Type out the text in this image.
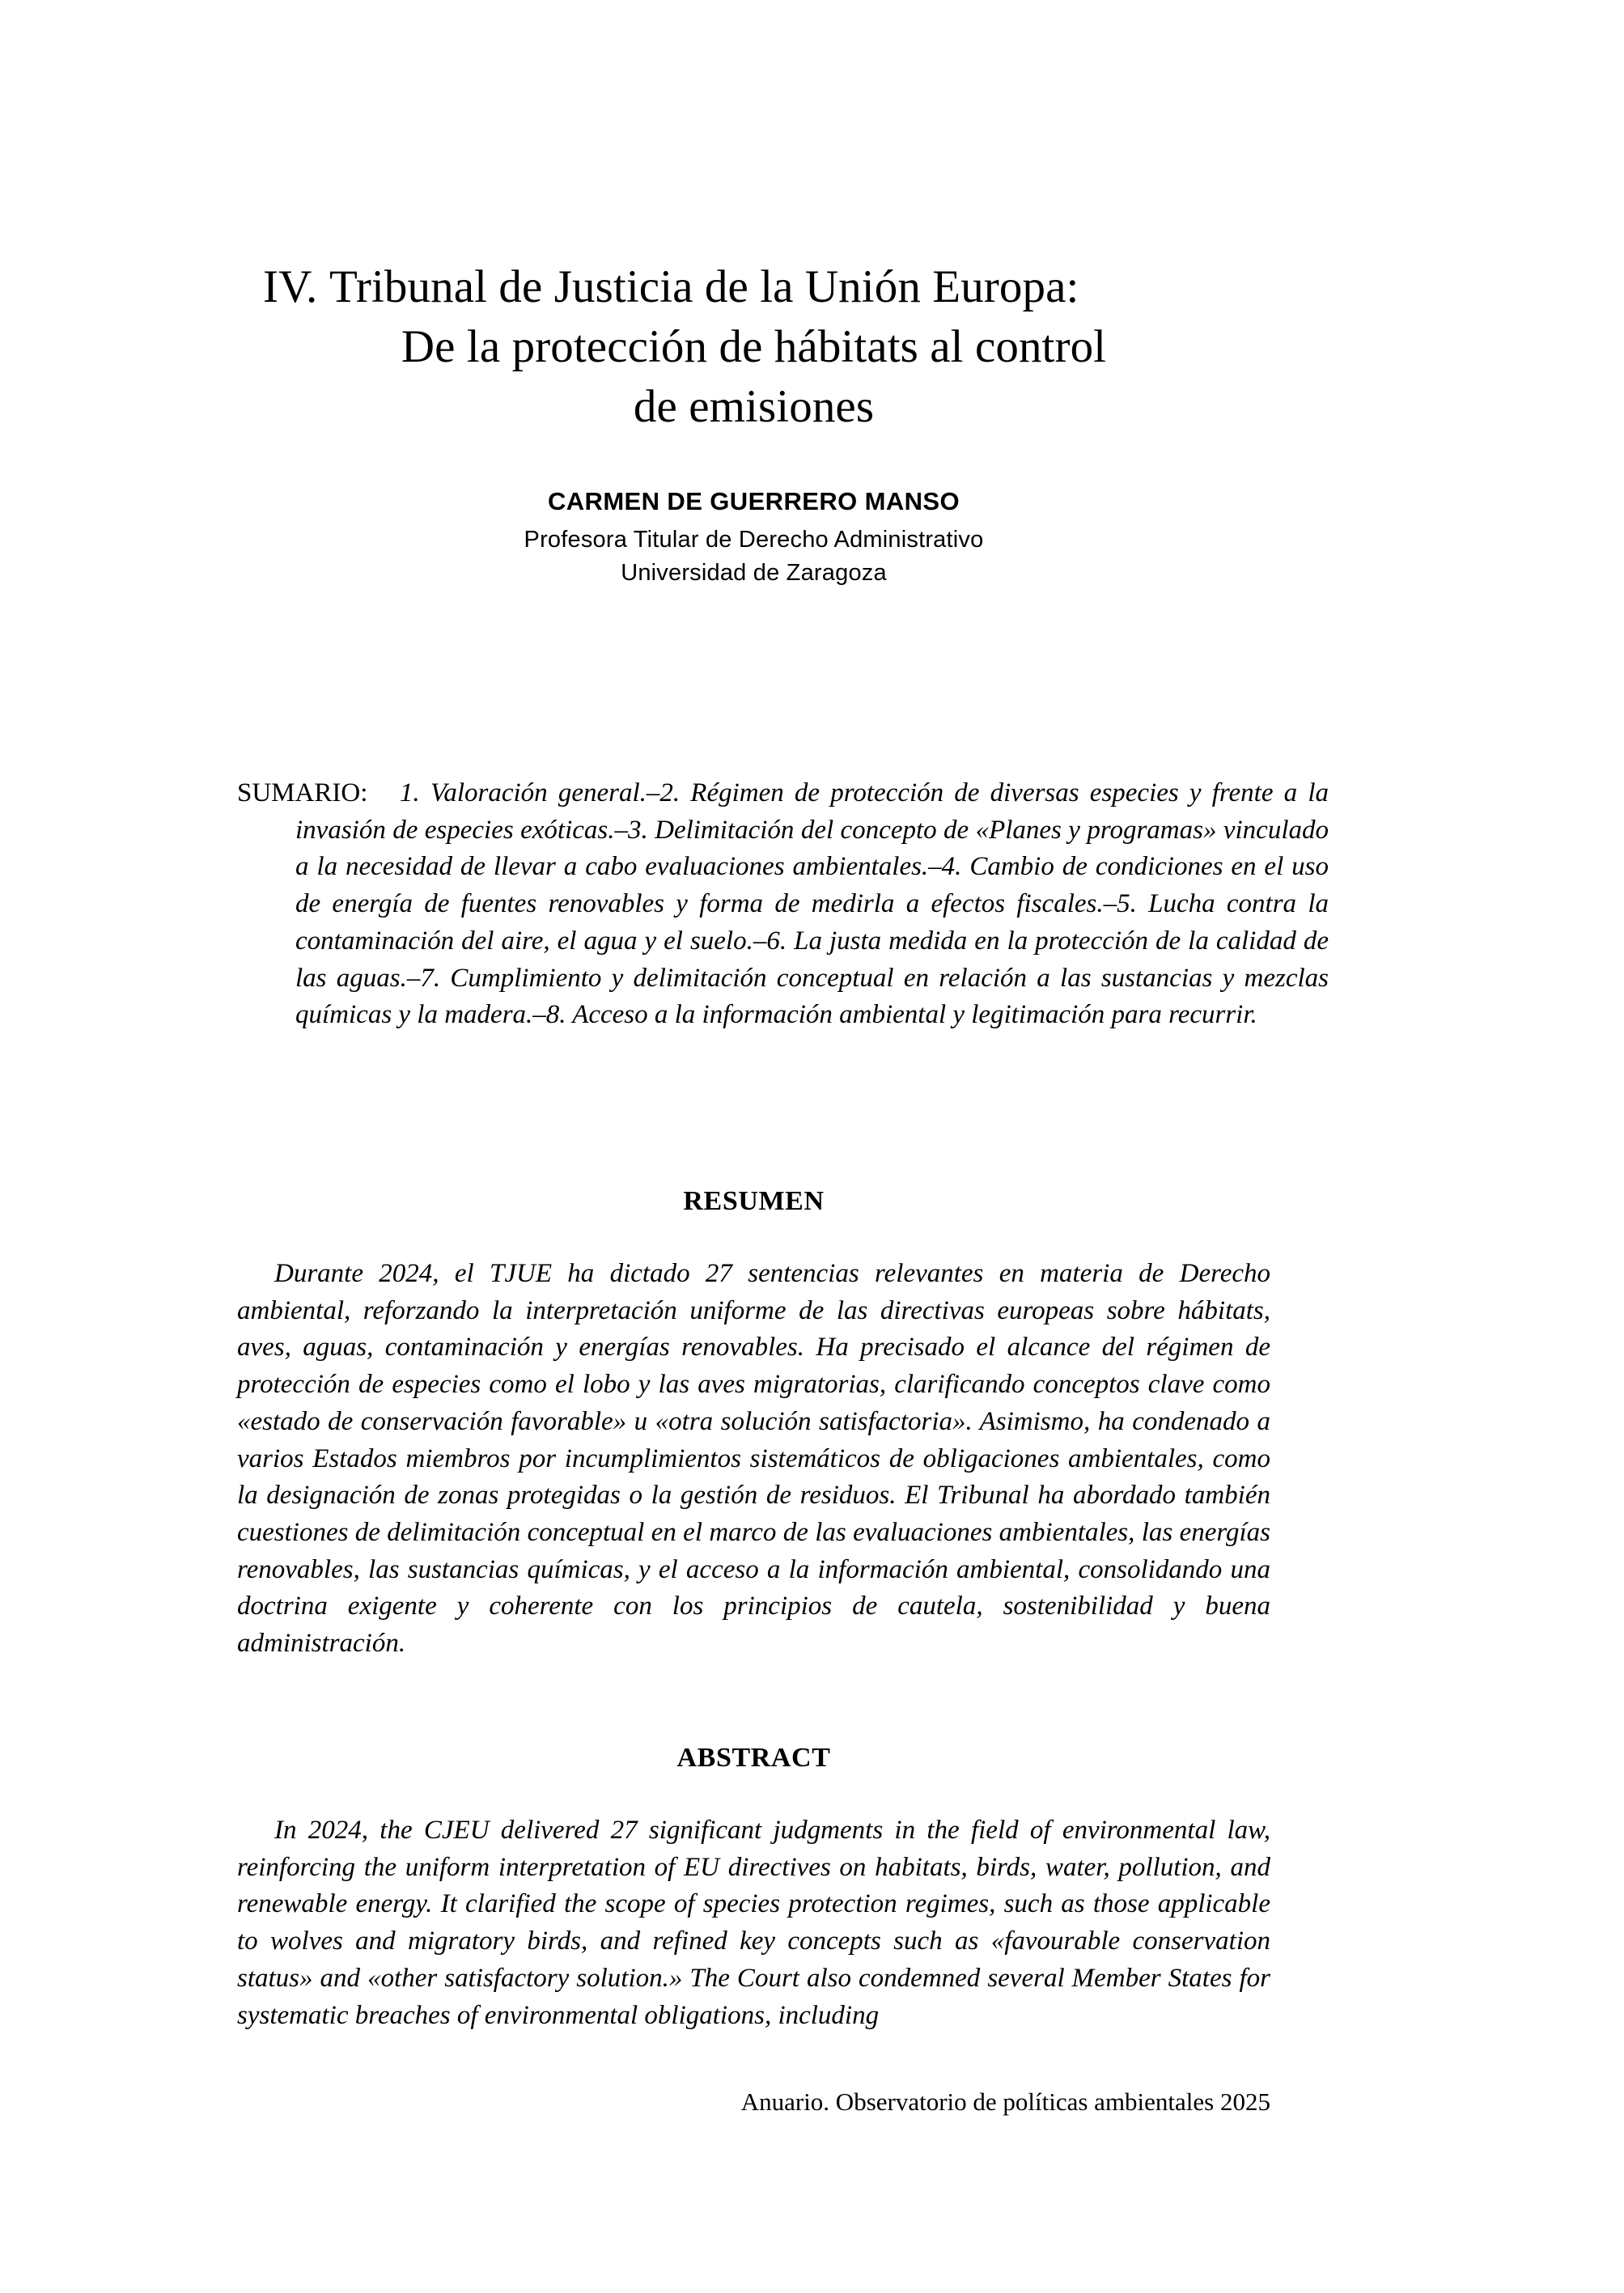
IV. Tribunal de Justicia de la Unión Europa:
De la protección de hábitats al control
de emisiones
CARMEN DE GUERRERO MANSO
Profesora Titular de Derecho Administrativo
Universidad de Zaragoza
SUMARIO: 1. Valoración general.–2. Régimen de protección de diversas especies y frente a la invasión de especies exóticas.–3. Delimitación del concepto de «Planes y programas» vinculado a la necesidad de llevar a cabo evaluaciones ambientales.–4. Cambio de condiciones en el uso de energía de fuentes renovables y forma de medirla a efectos fiscales.–5. Lucha contra la contaminación del aire, el agua y el suelo.–6. La justa medida en la protección de la calidad de las aguas.–7. Cumplimiento y delimitación conceptual en relación a las sustancias y mezclas químicas y la madera.–8. Acceso a la información ambiental y legitimación para recurrir.
RESUMEN
Durante 2024, el TJUE ha dictado 27 sentencias relevantes en materia de Derecho ambiental, reforzando la interpretación uniforme de las directivas europeas sobre hábitats, aves, aguas, contaminación y energías renovables. Ha precisado el alcance del régimen de protección de especies como el lobo y las aves migratorias, clarificando conceptos clave como «estado de conservación favorable» u «otra solución satisfactoria». Asimismo, ha condenado a varios Estados miembros por incumplimientos sistemáticos de obligaciones ambientales, como la designación de zonas protegidas o la gestión de residuos. El Tribunal ha abordado también cuestiones de delimitación conceptual en el marco de las evaluaciones ambientales, las energías renovables, las sustancias químicas, y el acceso a la información ambiental, consolidando una doctrina exigente y coherente con los principios de cautela, sostenibilidad y buena administración.
ABSTRACT
In 2024, the CJEU delivered 27 significant judgments in the field of environmental law, reinforcing the uniform interpretation of EU directives on habitats, birds, water, pollution, and renewable energy. It clarified the scope of species protection regimes, such as those applicable to wolves and migratory birds, and refined key concepts such as «favourable conservation status» and «other satisfactory solution.» The Court also condemned several Member States for systematic breaches of environmental obligations, including
Anuario. Observatorio de políticas ambientales 2025
